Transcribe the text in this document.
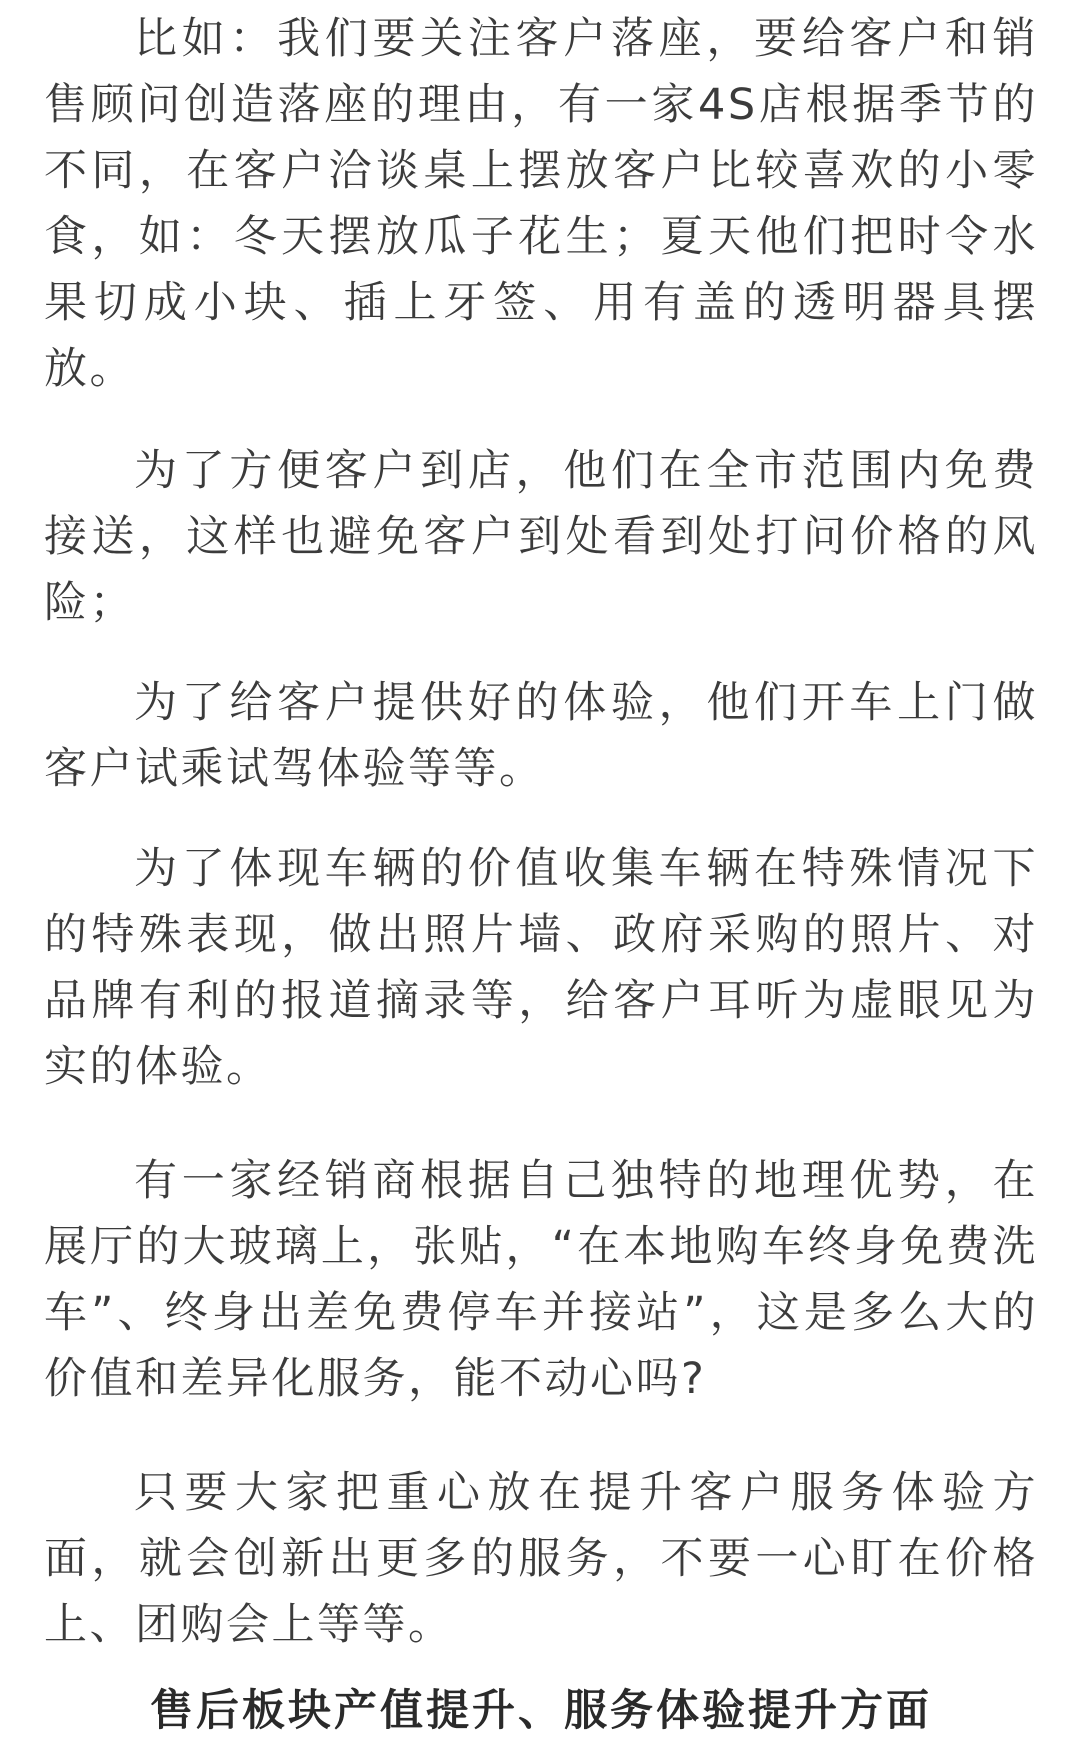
比如：我们要关注客户落座，要给客户和销售顾问创造落座的理由，有一家4S店根据季节的不同，在客户洽谈桌上摆放客户比较喜欢的小零食，如：冬天摆放瓜子花生；夏天他们把时令水果切成小块、插上牙签、用有盖的透明器具摆放。

为了方便客户到店，他们在全市范围内免费接送，这样也避免客户到处看到处打问价格的风险；

为了给客户提供好的体验，他们开车上门做客户试乘试驾体验等等。

为了体现车辆的价值收集车辆在特殊情况下的特殊表现，做出照片墙、政府采购的照片、对品牌有利的报道摘录等，给客户耳听为虚眼见为实的体验。

有一家经销商根据自己独特的地理优势，在展厅的大玻璃上，张贴，“在本地购车终身免费洗车”、终身出差免费停车并接站”，这是多么大的价值和差异化服务，能不动心吗?

只要大家把重心放在提升客户服务体验方面，就会创新出更多的服务，不要一心盯在价格上、团购会上等等。

售后板块产值提升、服务体验提升方面
